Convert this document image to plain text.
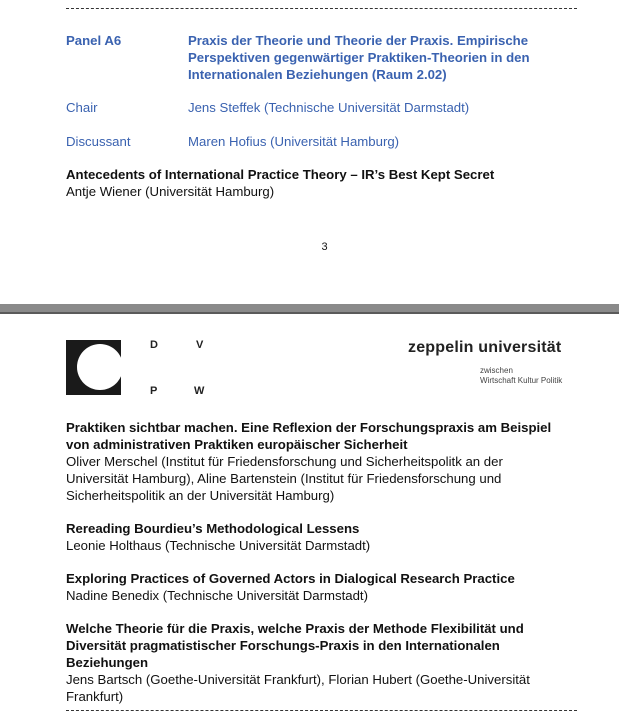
Panel A6	Praxis der Theorie und Theorie der Praxis. Empirische Perspektiven gegenwärtiger Praktiken-Theorien in den Internationalen Beziehungen (Raum 2.02)
Chair	Jens Steffek (Technische Universität Darmstadt)
Discussant	Maren Hofius (Universität Hamburg)
Antecedents of International Practice Theory – IR’s Best Kept Secret
Antje Wiener (Universität Hamburg)
3
D	V
P	W
zeppelin universität
zwischen
Wirtschaft Kultur Politik
Praktiken sichtbar machen. Eine Reflexion der Forschungspraxis am Beispiel von administrativen Praktiken europäischer Sicherheit
Oliver Merschel (Institut für Friedensforschung und Sicherheitspolitk an der Universität Hamburg), Aline Bartenstein (Institut für Friedensforschung und Sicherheitspolitik an der Universität Hamburg)
Rereading Bourdieu’s Methodological Lessens
Leonie Holthaus (Technische Universität Darmstadt)
Exploring Practices of Governed Actors in Dialogical Research Practice
Nadine Benedix (Technische Universität Darmstadt)
Welche Theorie für die Praxis, welche Praxis der Methode Flexibilität und Diversität pragmatistischer Forschungs-Praxis in den Internationalen Beziehungen
Jens Bartsch (Goethe-Universität Frankfurt), Florian Hubert (Goethe-Universität Frankfurt)
